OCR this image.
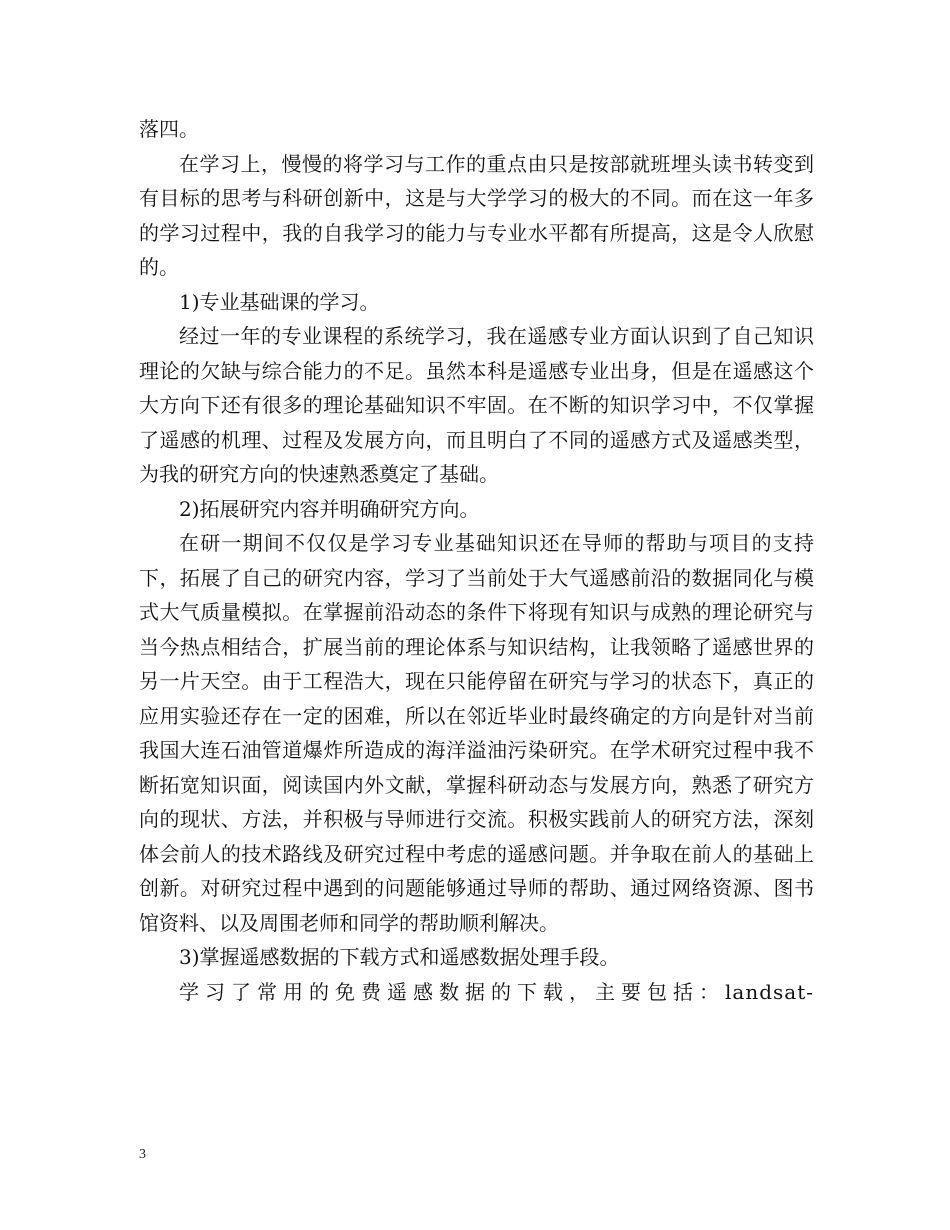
落四。

在学习上，慢慢的将学习与工作的重点由只是按部就班埋头读书转变到有目标的思考与科研创新中，这是与大学学习的极大的不同。而在这一年多的学习过程中，我的自我学习的能力与专业水平都有所提高，这是令人欣慰的。

1)专业基础课的学习。

经过一年的专业课程的系统学习，我在遥感专业方面认识到了自己知识理论的欠缺与综合能力的不足。虽然本科是遥感专业出身，但是在遥感这个大方向下还有很多的理论基础知识不牢固。在不断的知识学习中，不仅掌握了遥感的机理、过程及发展方向，而且明白了不同的遥感方式及遥感类型，为我的研究方向的快速熟悉奠定了基础。

2)拓展研究内容并明确研究方向。

在研一期间不仅仅是学习专业基础知识还在导师的帮助与项目的支持下，拓展了自己的研究内容，学习了当前处于大气遥感前沿的数据同化与模式大气质量模拟。在掌握前沿动态的条件下将现有知识与成熟的理论研究与当今热点相结合，扩展当前的理论体系与知识结构，让我领略了遥感世界的另一片天空。由于工程浩大，现在只能停留在研究与学习的状态下，真正的应用实验还存在一定的困难，所以在邻近毕业时最终确定的方向是针对当前我国大连石油管道爆炸所造成的海洋溢油污染研究。在学术研究过程中我不断拓宽知识面，阅读国内外文献，掌握科研动态与发展方向，熟悉了研究方向的现状、方法，并积极与导师进行交流。积极实践前人的研究方法，深刻体会前人的技术路线及研究过程中考虑的遥感问题。并争取在前人的基础上创新。对研究过程中遇到的问题能够通过导师的帮助、通过网络资源、图书馆资料、以及周围老师和同学的帮助顺利解决。

3)掌握遥感数据的下载方式和遥感数据处理手段。

学习了常用的免费遥感数据的下载，主要包括：landsat-

3
